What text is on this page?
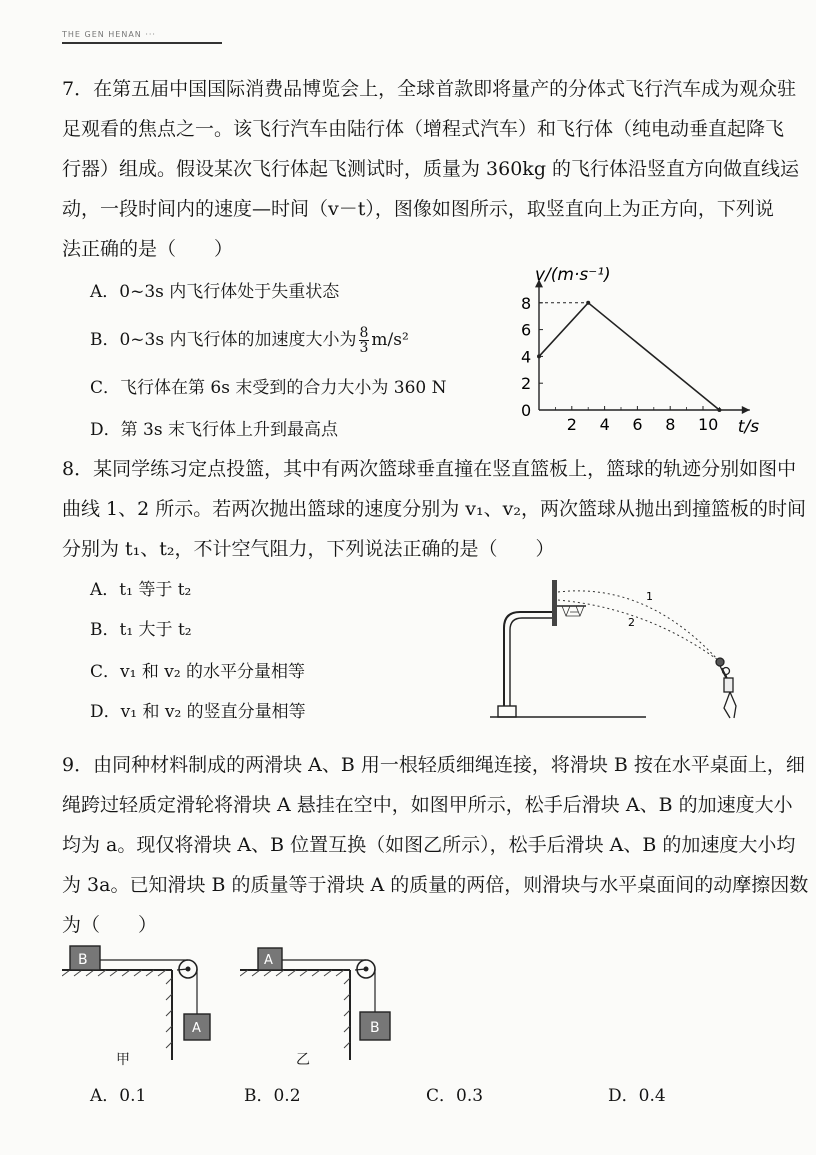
THE GEN HENAN ···
7．在第五届中国国际消费品博览会上，全球首款即将量产的分体式飞行汽车成为观众驻
足观看的焦点之一。该飞行汽车由陆行体（增程式汽车）和飞行体（纯电动垂直起降飞
行器）组成。假设某次飞行体起飞测试时，质量为 360kg 的飞行体沿竖直方向做直线运
动，一段时间内的速度—时间（v－t），图像如图所示，取竖直向上为正方向，下列说
法正确的是（　　）
A．0~3s 内飞行体处于失重状态
B．0~3s 内飞行体的加速度大小为 $\frac{8}{3} m/s^2$
C．飞行体在第 6s 末受到的合力大小为 360 N
D．第 3s 末飞行体上升到最高点	2 4 6 8 10
0
2
4
6
8
v/(m·s⁻¹)
t/s
8．某同学练习定点投篮，其中有两次篮球垂直撞在竖直篮板上，篮球的轨迹分别如图中
曲线 1、2 所示。若两次抛出篮球的速度分别为 v₁、v₂，两次篮球从抛出到撞篮板的时间
分别为 t₁、t₂，不计空气阻力，下列说法正确的是（　　）
A．t₁ 等于 t₂
B．t₁ 大于 t₂
C．v₁ 和 v₂ 的水平分量相等
D．v₁ 和 v₂ 的竖直分量相等
1
2
9．由同种材料制成的两滑块 A、B 用一根轻质细绳连接，将滑块 B 按在水平桌面上，细
绳跨过轻质定滑轮将滑块 A 悬挂在空中，如图甲所示，松手后滑块 A、B 的加速度大小
均为 a。现仅将滑块 A、B 位置互换（如图乙所示），松手后滑块 A、B 的加速度大小均
为 3a。已知滑块 B 的质量等于滑块 A 的质量的两倍，则滑块与水平桌面间的动摩擦因数
为（　　）
B
A
甲
A
B
乙
A．0.1	B．0.2	C．0.3	D．0.4
